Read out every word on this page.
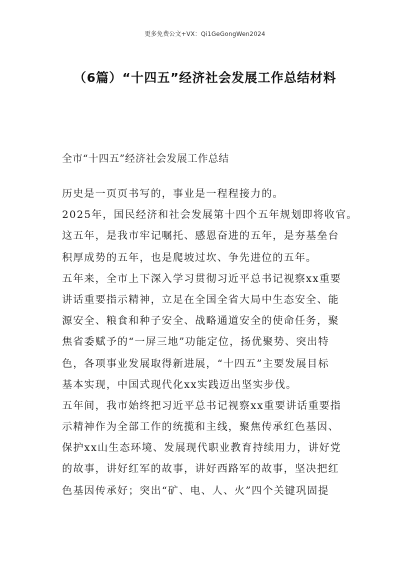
更多免费公文+VX：Qi1GeGongWen2024
（6篇）“十四五”经济社会发展工作总结材料
全市“十四五”经济社会发展工作总结
历史是一页页书写的，事业是一程程接力的。
2025年，国民经济和社会发展第十四个五年规划即将收官。
这五年，是我市牢记嘱托、感恩奋进的五年，是夯基垒台
积厚成势的五年，也是爬坡过坎、争先进位的五年。
五年来，全市上下深入学习贯彻习近平总书记视察xx重要
讲话重要指示精神，立足在全国全省大局中生态安全、能
源安全、粮食和种子安全、战略通道安全的使命任务，聚
焦省委赋予的“一屏三地”功能定位，扬优聚势、突出特
色，各项事业发展取得新进展，“十四五”主要发展目标
基本实现，中国式现代化xx实践迈出坚实步伐。
五年间，我市始终把习近平总书记视察xx重要讲话重要指
示精神作为全部工作的统揽和主线，聚焦传承红色基因、
保护xx山生态环境、发展现代职业教育持续用力，讲好党
的故事，讲好红军的故事，讲好西路军的故事，坚决把红
色基因传承好；突出“矿、电、人、火”四个关键巩固提
